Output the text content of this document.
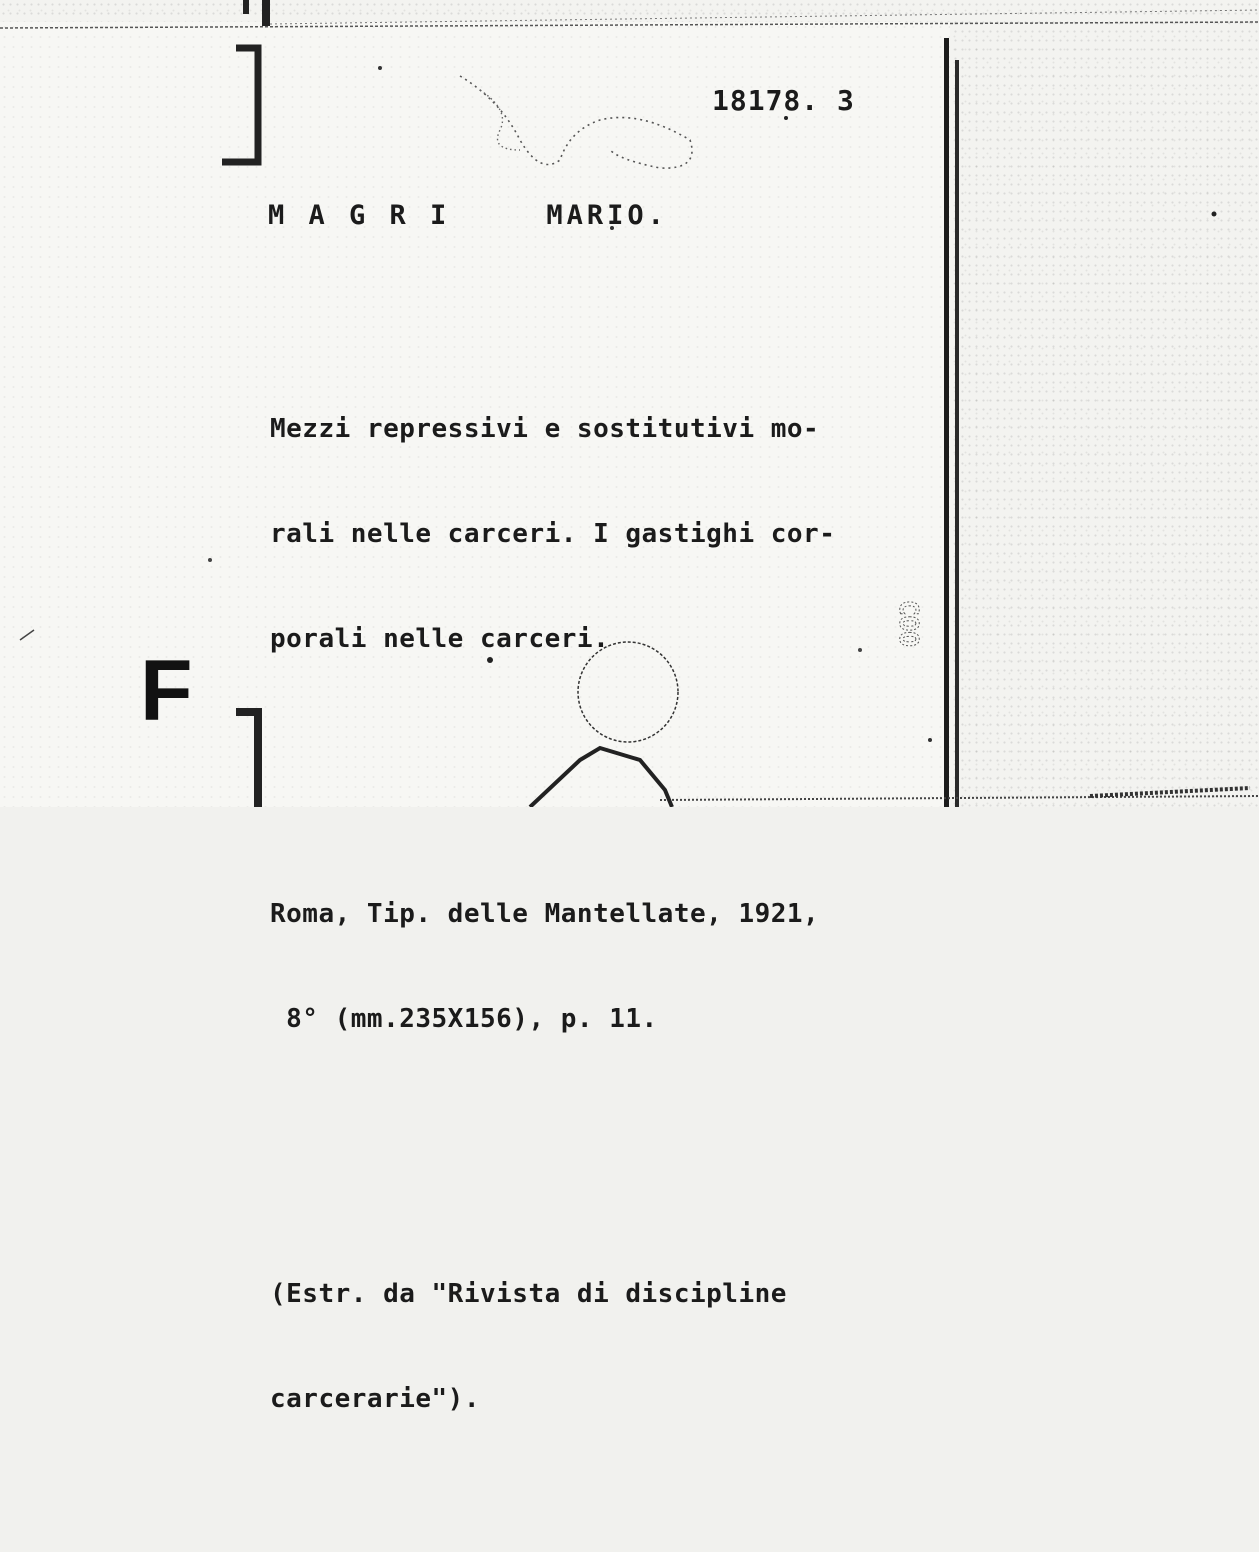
COO
18178. 3
M A G R I	MARIO.

Mezzi repressivi e sostitutivi mo-

rali nelle carceri. I gastighi cor-

porali nelle carceri.

Roma, Tip. delle Mantellate, 1921,

8° (mm.235X156), p. 11.

(Estr. da "Rivista di discipline

carcerarie").

F
